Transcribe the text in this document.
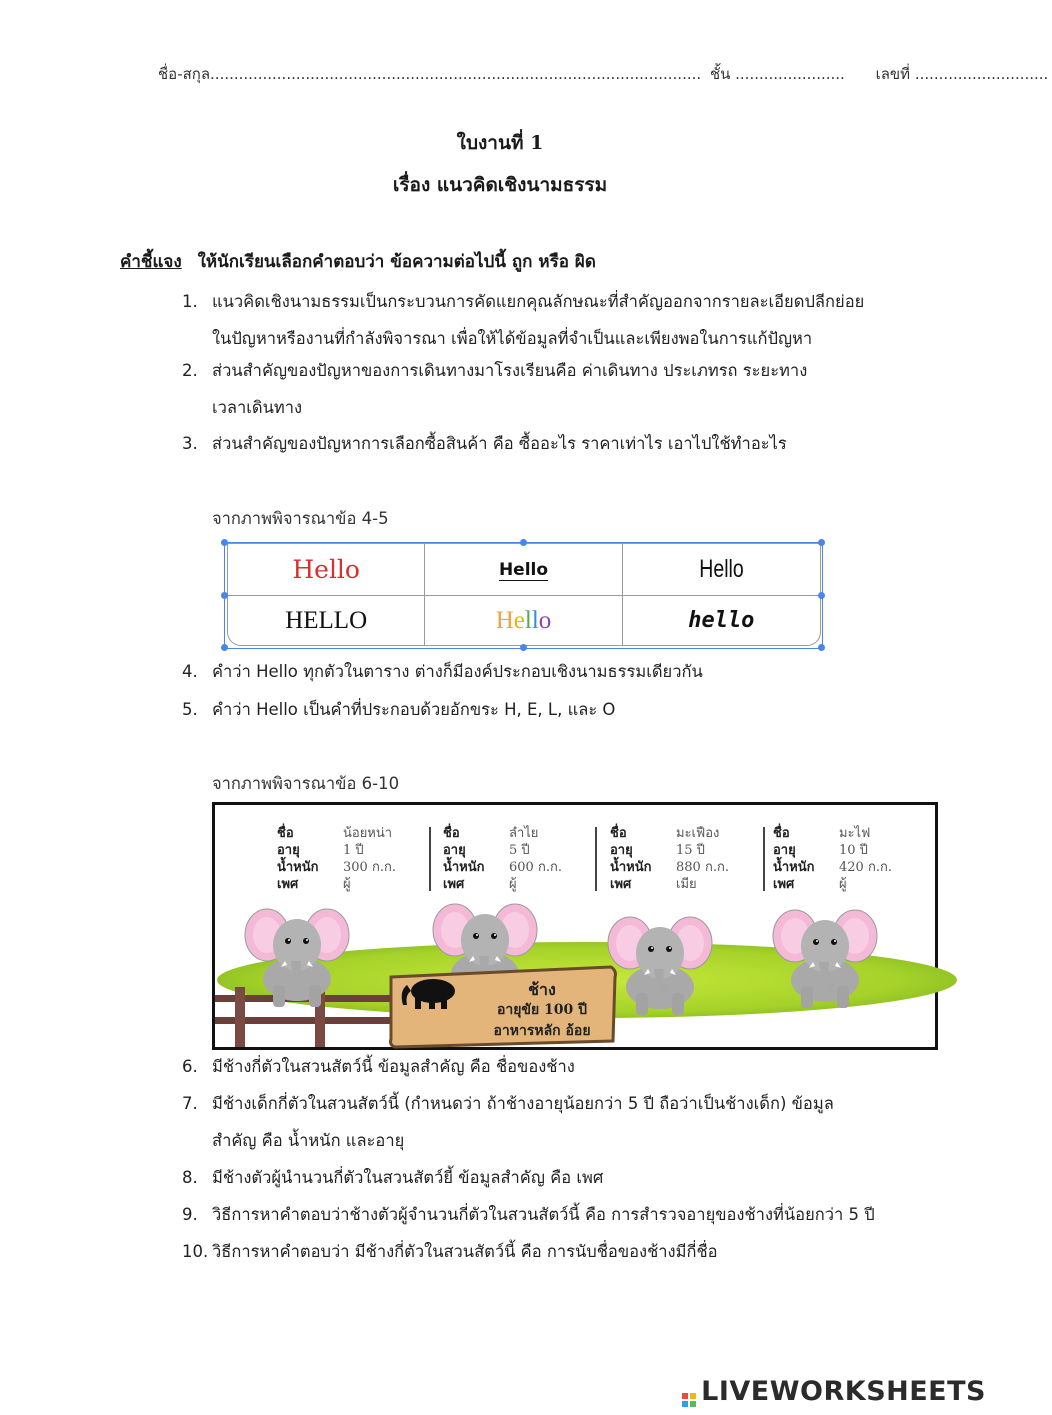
ชื่อ-สกุล....................................................................................................... ชั้น ....................... เลขที่ ............................
ใบงานที่ 1
เรื่อง แนวคิดเชิงนามธรรม
คำชี้แจง ให้นักเรียนเลือกคำตอบว่า ข้อความต่อไปนี้ ถูก หรือ ผิด
1. แนวคิดเชิงนามธรรมเป็นกระบวนการคัดแยกคุณลักษณะที่สำคัญออกจากรายละเอียดปลีกย่อย
ในปัญหาหรืองานที่กำลังพิจารณา เพื่อให้ได้ข้อมูลที่จำเป็นและเพียงพอในการแก้ปัญหา
2. ส่วนสำคัญของปัญหาของการเดินทางมาโรงเรียนคือ ค่าเดินทาง ประเภทรถ ระยะทาง
เวลาเดินทาง
3. ส่วนสำคัญของปัญหาการเลือกซื้อสินค้า คือ ซื้ออะไร ราคาเท่าไร เอาไปใช้ทำอะไร
จากภาพพิจารณาข้อ 4-5
Hello	Hello	Hello
HELLO	Hello	hello
4. คำว่า Hello ทุกตัวในตาราง ต่างก็มีองค์ประกอบเชิงนามธรรมเดียวกัน
5. คำว่า Hello เป็นคำที่ประกอบด้วยอักขระ H, E, L, และ O
จากภาพพิจารณาข้อ 6-10
ชื่อ	น้อยหน่า
อายุ	1 ปี
น้ำหนัก 300 ก.ก.
เพศ	ผู้
ชื่อ	ลำไย
อายุ	5 ปี
น้ำหนัก 600 ก.ก.
เพศ	ผู้
ชื่อ	มะเฟือง
อายุ	15 ปี
น้ำหนัก 880 ก.ก.
เพศ	เมีย
ชื่อ	มะไฟ
อายุ	10 ปี
น้ำหนัก 420 ก.ก.
เพศ	ผู้
ช้าง
อายุขัย 100 ปี
อาหารหลัก อ้อย
6. มีช้างกี่ตัวในสวนสัตว์นี้ ข้อมูลสำคัญ คือ ชื่อของช้าง
7. มีช้างเด็กกี่ตัวในสวนสัตว์นี้ (กำหนดว่า ถ้าช้างอายุน้อยกว่า 5 ปี ถือว่าเป็นช้างเด็ก) ข้อมูล
สำคัญ คือ น้ำหนัก และอายุ
8. มีช้างตัวผู้นำนวนกี่ตัวในสวนสัตว์ยี้ ข้อมูลสำคัญ คือ เพศ
9. วิธีการหาคำตอบว่าช้างตัวผู้จำนวนกี่ตัวในสวนสัตว์นี้ คือ การสำรวจอายุของช้างที่น้อยกว่า 5 ปี
10. วิธีการหาคำตอบว่า มีช้างกี่ตัวในสวนสัตว์นี้ คือ การนับชื่อของช้างมีกี่ชื่อ
LIVEWORKSHEETS
